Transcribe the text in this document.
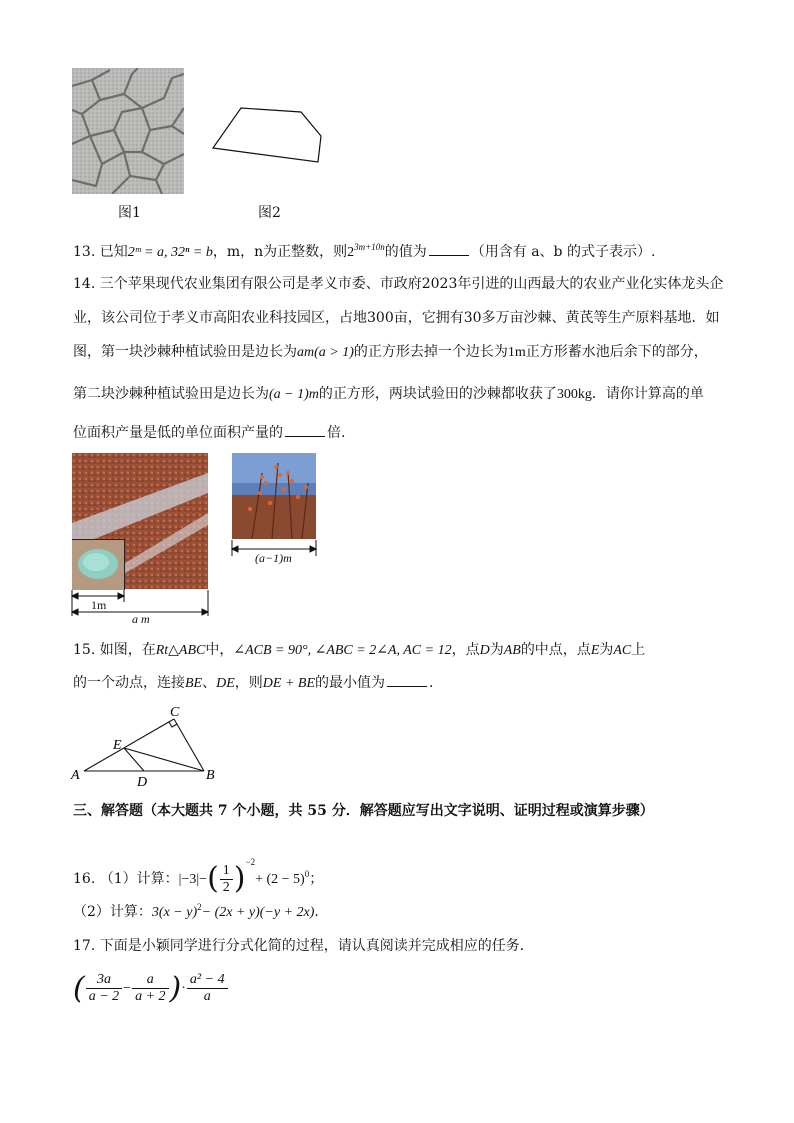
图1	图2
13. 已知2ᵐ = a, 32ⁿ = b，m，n为正整数，则$2^{3m+10n}$的值为	（用含有 a、b 的式子表示）.
14. 三个苹果现代农业集团有限公司是孝义市委、市政府2023年引进的山西最大的农业产业化实体龙头企
业，该公司位于孝义市高阳农业科技园区，占地300亩，它拥有30多万亩沙棘、黄芪等生产原料基地．如
图，第一块沙棘种植试验田是边长为am(a > 1)的正方形去掉一个边长为1m正方形蓄水池后余下的部分，
第二块沙棘种植试验田是边长为(a − 1)m的正方形，两块试验田的沙棘都收获了300kg．请你计算高的单
位面积产量是低的单位面积产量的	倍.
(a−1)m
1m
a m
15. 如图，在Rt△ABC中，∠ACB = 90°, ∠ABC = 2∠A, AC = 12，点D为AB的中点，点E为AC上
的一个动点，连接BE、DE，则DE + BE的最小值为	.
A	B
C
D
E
三、解答题（本大题共 7 个小题，共 55 分．解答题应写出文字说明、证明过程或演算步骤）
16. （1）计算：$|-3|-( \frac{1}{2} )^{-2}+ (2 - 5)^0$；
（2）计算：$3(x - y)^2- (2x + y)(-y + 2x)$.
17. 下面是小颖同学进行分式化简的过程，请认真阅读并完成相应的任务．
( $\frac{3a}{a - 2} - \frac{a}{a + 2}$ )· $\frac{\text{a² − 4}}{a}$
